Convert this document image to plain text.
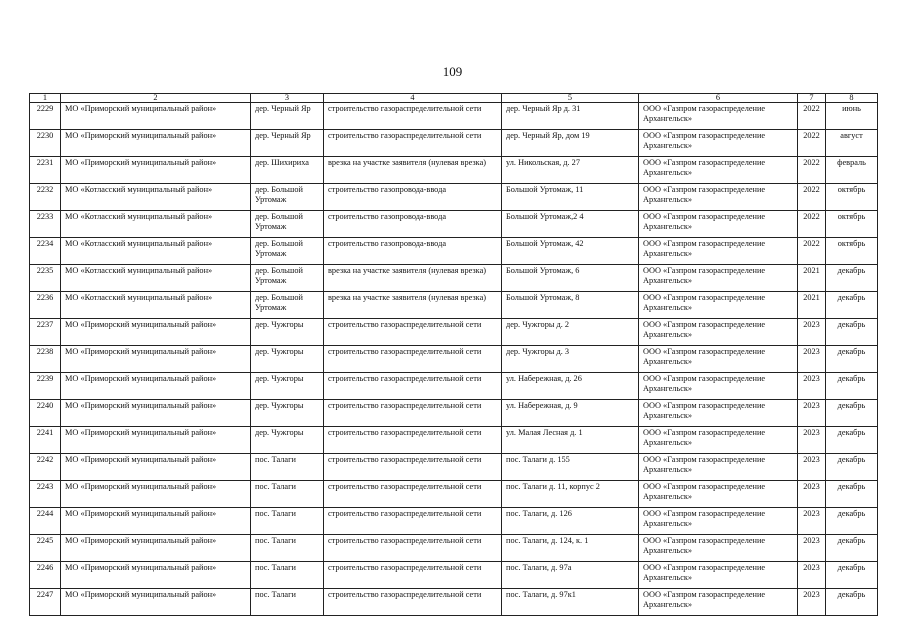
109
1	2	3	4	5	6	7	8
2229	МО «Приморский муниципальный район»	дер. Черный Яр	строительство газораспределительной сети	дер. Черный Яр д. 31	ООО «Газпром газораспределение Архангельск»	2022	июнь
2230	МО «Приморский муниципальный район»	дер. Черный Яр	строительство газораспределительной сети	дер. Черный Яр, дом 19	ООО «Газпром газораспределение Архангельск»	2022	август
2231	МО «Приморский муниципальный район»	дер. Шихириха	врезка на участке заявителя (нулевая врезка)	ул. Никольская, д. 27	ООО «Газпром газораспределение Архангельск»	2022	февраль
2232	МО «Котласский муниципальный район»	дер. Большой Уртомаж	строительство газопровода-ввода	Большой Уртомаж, 11	ООО «Газпром газораспределение Архангельск»	2022	октябрь
2233	МО «Котласский муниципальный район»	дер. Большой Уртомаж	строительство газопровода-ввода	Большой Уртомаж,2 4	ООО «Газпром газораспределение Архангельск»	2022	октябрь
2234	МО «Котласский муниципальный район»	дер. Большой Уртомаж	строительство газопровода-ввода	Большой Уртомаж, 42	ООО «Газпром газораспределение Архангельск»	2022	октябрь
2235	МО «Котласский муниципальный район»	дер. Большой Уртомаж	врезка на участке заявителя (нулевая врезка)	Большой Уртомаж, 6	ООО «Газпром газораспределение Архангельск»	2021	декабрь
2236	МО «Котласский муниципальный район»	дер. Большой Уртомаж	врезка на участке заявителя (нулевая врезка)	Большой Уртомаж, 8	ООО «Газпром газораспределение Архангельск»	2021	декабрь
2237	МО «Приморский муниципальный район»	дер. Чужгоры	строительство газораспределительной сети	дер. Чужгоры д. 2	ООО «Газпром газораспределение Архангельск»	2023	декабрь
2238	МО «Приморский муниципальный район»	дер. Чужгоры	строительство газораспределительной сети	дер. Чужгоры д. 3	ООО «Газпром газораспределение Архангельск»	2023	декабрь
2239	МО «Приморский муниципальный район»	дер. Чужгоры	строительство газораспределительной сети	ул. Набережная, д. 26	ООО «Газпром газораспределение Архангельск»	2023	декабрь
2240	МО «Приморский муниципальный район»	дер. Чужгоры	строительство газораспределительной сети	ул. Набережная, д. 9	ООО «Газпром газораспределение Архангельск»	2023	декабрь
2241	МО «Приморский муниципальный район»	дер. Чужгоры	строительство газораспределительной сети	ул. Малая Лесная д. 1	ООО «Газпром газораспределение Архангельск»	2023	декабрь
2242	МО «Приморский муниципальный район»	пос. Талаги	строительство газораспределительной сети	пос. Талаги д. 155	ООО «Газпром газораспределение Архангельск»	2023	декабрь
2243	МО «Приморский муниципальный район»	пос. Талаги	строительство газораспределительной сети	пос. Талаги д. 11, корпус 2	ООО «Газпром газораспределение Архангельск»	2023	декабрь
2244	МО «Приморский муниципальный район»	пос. Талаги	строительство газораспределительной сети	пос. Талаги, д. 126	ООО «Газпром газораспределение Архангельск»	2023	декабрь
2245	МО «Приморский муниципальный район»	пос. Талаги	строительство газораспределительной сети	пос. Талаги, д. 124, к. 1	ООО «Газпром газораспределение Архангельск»	2023	декабрь
2246	МО «Приморский муниципальный район»	пос. Талаги	строительство газораспределительной сети	пос. Талаги, д. 97а	ООО «Газпром газораспределение Архангельск»	2023	декабрь
2247	МО «Приморский муниципальный район»	пос. Талаги	строительство газораспределительной сети	пос. Талаги, д. 97к1	ООО «Газпром газораспределение Архангельск»	2023	декабрь
